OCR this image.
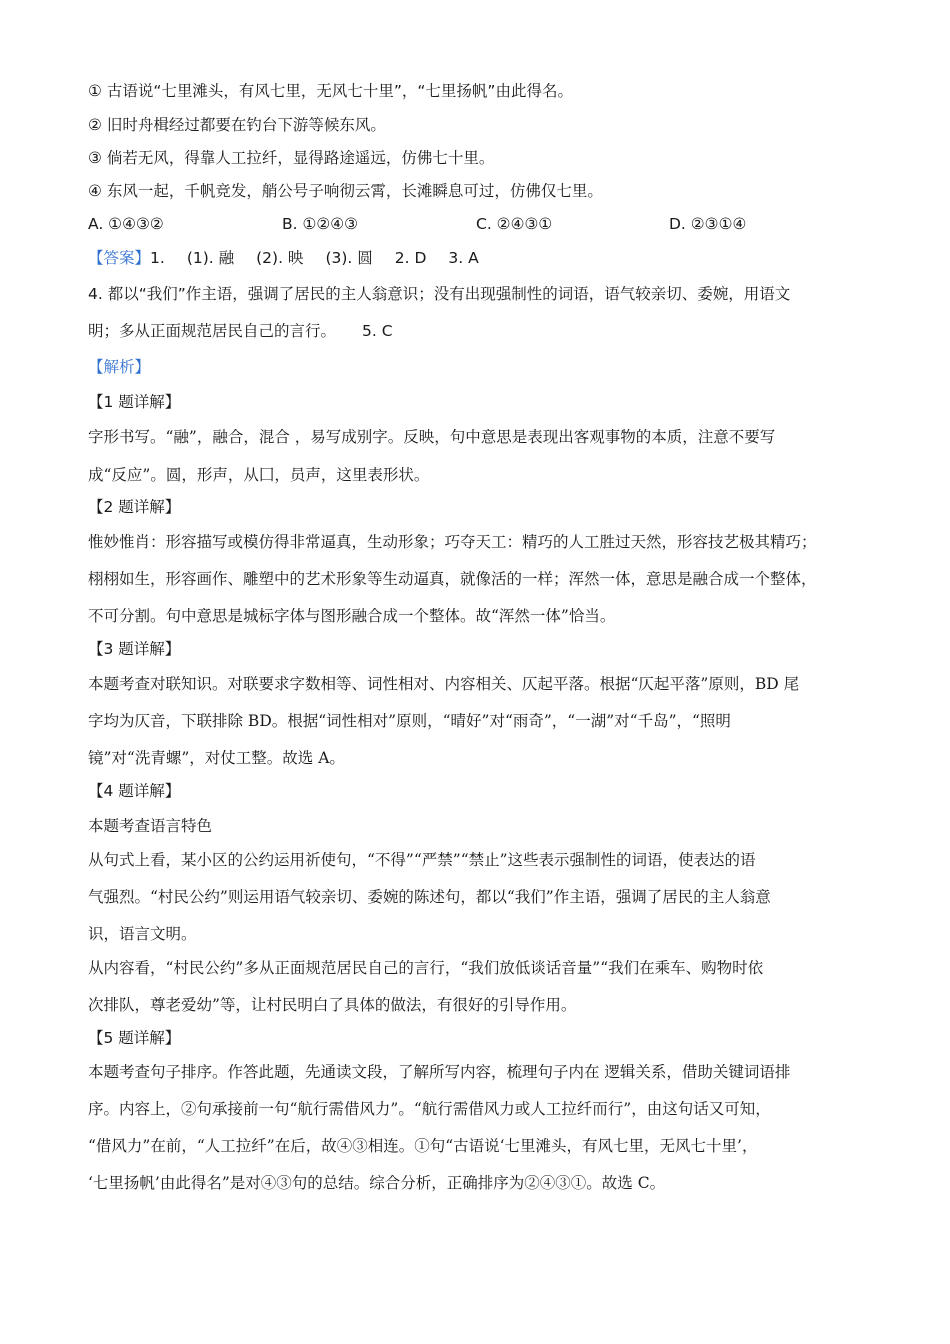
① 古语说“七里滩头，有风七里，无风七十里”，“七里扬帆”由此得名。
② 旧时舟楫经过都要在钓台下游等候东风。
③ 倘若无风，得靠人工拉纤，显得路途遥远，仿佛七十里。
④ 东风一起，千帆竞发，艄公号子响彻云霄，长滩瞬息可过，仿佛仅七里。
A. ①④③②	B. ①②④③	C. ②④③①	D. ②③①④
【答案】1. (1). 融 (2). 映 (3). 圆 2. D 3. A
4. 都以“我们”作主语，强调了居民的主人翁意识；没有出现强制性的词语，语气较亲切、委婉，用语文
明；多从正面规范居民自己的言行。 5. C
【解析】
【1 题详解】
字形书写。“融”，融合，混合 ，易写成别字。反映，句中意思是表现出客观事物的本质，注意不要写
成“反应”。圆，形声，从囗，员声，这里表形状。
【2 题详解】
惟妙惟肖：形容描写或模仿得非常逼真，生动形象；巧夺天工：精巧的人工胜过天然，形容技艺极其精巧；
栩栩如生，形容画作、雕塑中的艺术形象等生动逼真，就像活的一样；浑然一体，意思是融合成一个整体，
不可分割。句中意思是城标字体与图形融合成一个整体。故“浑然一体”恰当。
【3 题详解】
本题考查对联知识。对联要求字数相等、词性相对、内容相关、仄起平落。根据“仄起平落”原则，BD 尾
字均为仄音，下联排除 BD。根据“词性相对”原则，“晴好”对“雨奇”，“一湖”对“千岛”，“照明
镜”对“洗青螺”，对仗工整。故选 A。
【4 题详解】
本题考查语言特色
从句式上看，某小区的公约运用祈使句，“不得”“严禁”“禁止”这些表示强制性的词语，使表达的语
气强烈。“村民公约”则运用语气较亲切、委婉的陈述句，都以“我们”作主语，强调了居民的主人翁意
识，语言文明。
从内容看，“村民公约”多从正面规范居民自己的言行，“我们放低谈话音量”“我们在乘车、购物时依
次排队，尊老爱幼”等，让村民明白了具体的做法，有很好的引导作用。
【5 题详解】
本题考查句子排序。作答此题，先通读文段，了解所写内容，梳理句子内在 逻辑关系，借助关键词语排
序。内容上，②句承接前一句“航行需借风力”。“航行需借风力或人工拉纤而行”，由这句话又可知，
“借风力”在前，“人工拉纤”在后，故④③相连。①句“古语说‘七里滩头，有风七里，无风七十里’，
‘七里扬帆’由此得名”是对④③句的总结。综合分析，正确排序为②④③①。故选 C。
